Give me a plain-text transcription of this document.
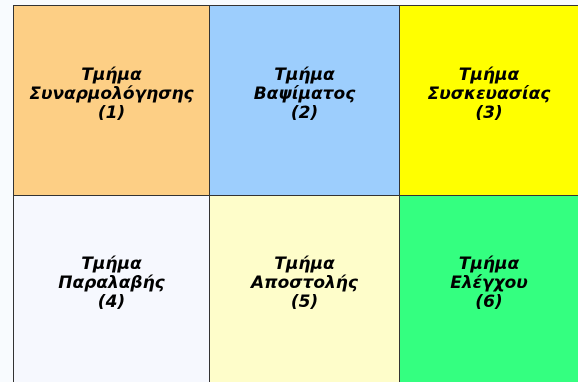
Τμήμα
Συναρμολόγησης
(1)
Τμήμα
Βαψίματος
(2)
Τμήμα
Συσκευασίας
(3)
Τμήμα
Παραλαβής
(4)
Τμήμα
Αποστολής
(5)
Τμήμα
Ελέγχου
(6)
